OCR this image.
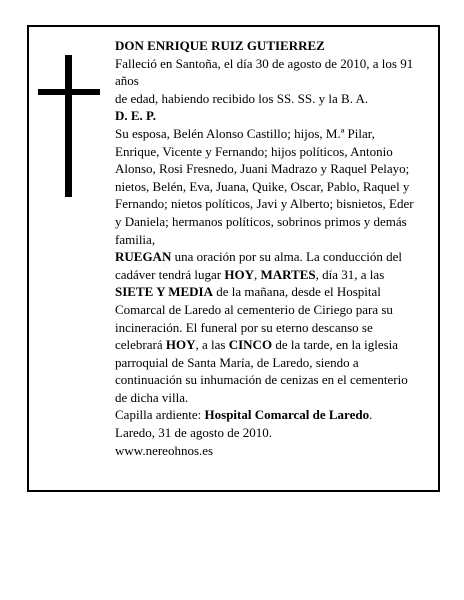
DON ENRIQUE RUIZ GUTIERREZ

Falleció en Santoña, el día 30 de agosto de 2010, a los 91 años

de edad, habiendo recibido los SS. SS. y la B. A.

D. E. P.

Su esposa, Belén Alonso Castillo; hijos, M.ª Pilar, Enrique, Vicente y Fernando; hijos políticos, Antonio Alonso, Rosi Fresnedo, Juani Madrazo y Raquel Pelayo; nietos, Belén, Eva, Juana, Quike, Oscar, Pablo, Raquel y Fernando; nietos políticos, Javi y Alberto; bisnietos, Eder y Daniela; hermanos políticos, sobrinos primos y demás familia,

RUEGAN una oración por su alma. La conducción del cadáver tendrá lugar HOY, MARTES, día 31, a las SIETE Y MEDIA de la mañana, desde el Hospital Comarcal de Laredo al cementerio de Ciriego para su incineración. El funeral por su eterno descanso se celebrará HOY, a las CINCO de la tarde, en la iglesia parroquial de Santa María, de Laredo, siendo a continuación su inhumación de cenizas en el cementerio de dicha villa.

Capilla ardiente: Hospital Comarcal de Laredo.

Laredo, 31 de agosto de 2010.

www.nereohnos.es
